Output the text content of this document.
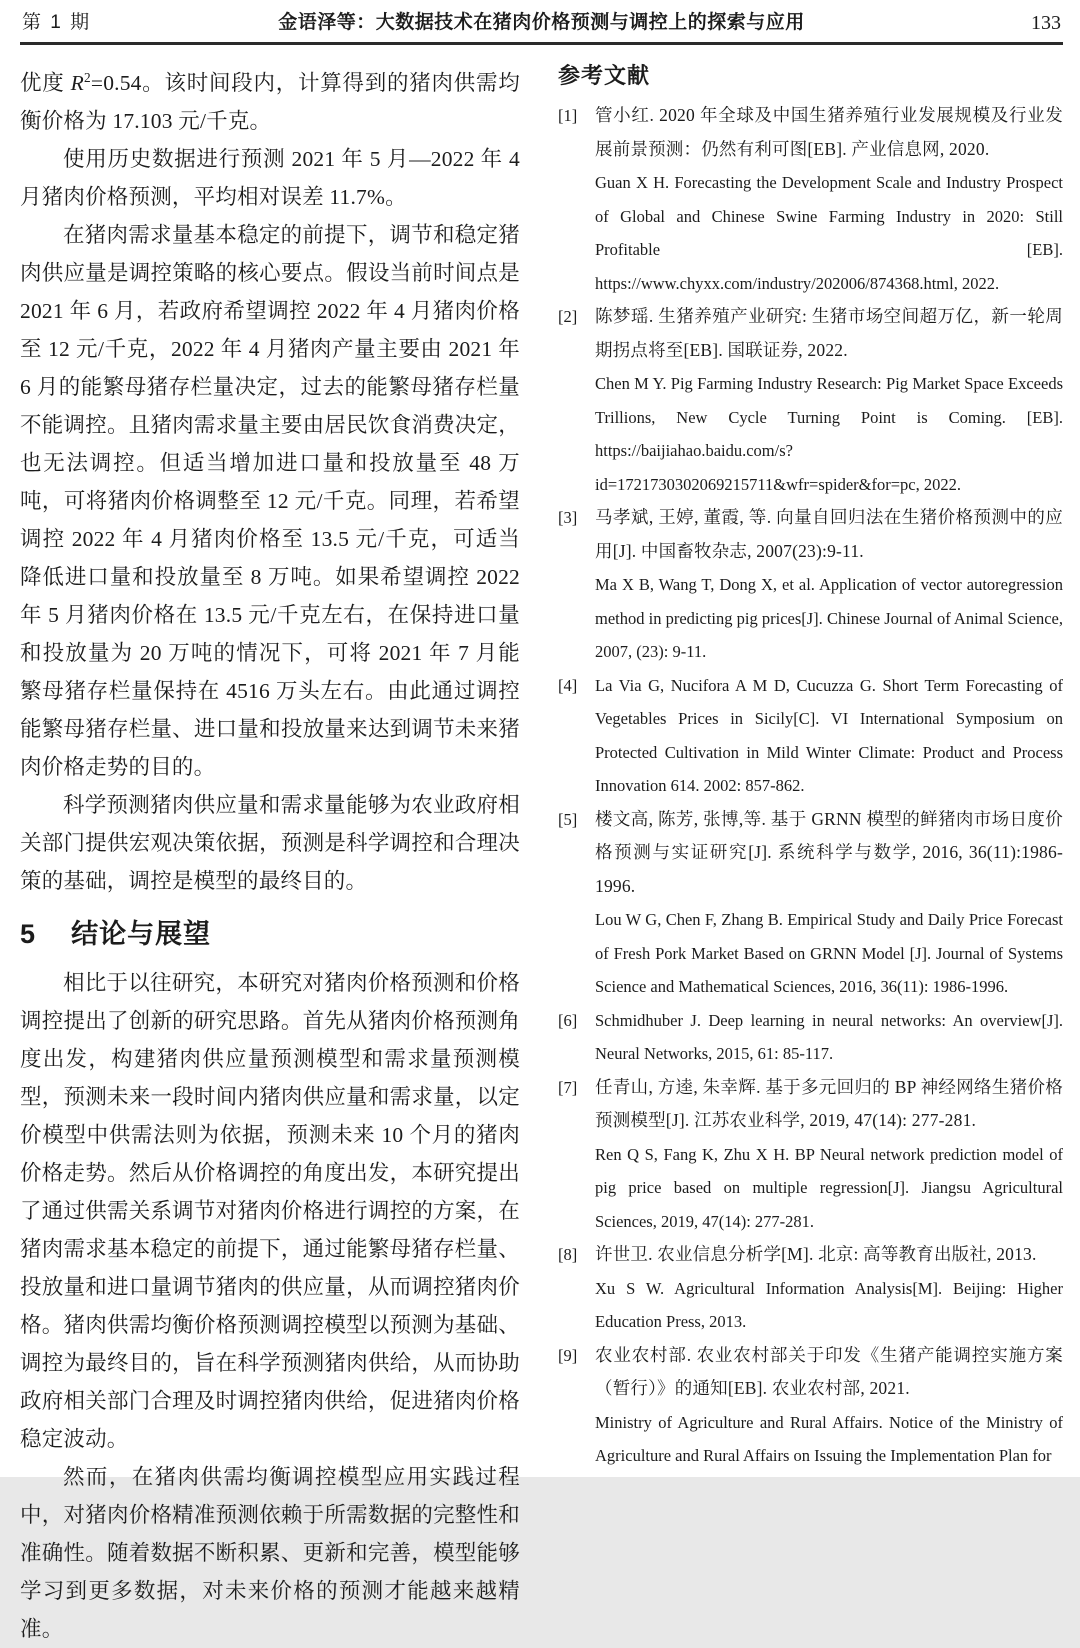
第 1 期	金语泽等：大数据技术在猪肉价格预测与调控上的探索与应用	133

优度 $R^2=0.54$。该时间段内，计算得到的猪肉供需均衡价格为 17.103 元/千克。

使用历史数据进行预测 2021 年 5 月—2022 年 4 月猪肉价格预测，平均相对误差 11.7%。

在猪肉需求量基本稳定的前提下，调节和稳定猪肉供应量是调控策略的核心要点。假设当前时间点是 2021 年 6 月，若政府希望调控 2022 年 4 月猪肉价格至 12 元/千克，2022 年 4 月猪肉产量主要由 2021 年 6 月的能繁母猪存栏量决定，过去的能繁母猪存栏量不能调控。且猪肉需求量主要由居民饮食消费决定，也无法调控。但适当增加进口量和投放量至 48 万吨，可将猪肉价格调整至 12 元/千克。同理，若希望调控 2022 年 4 月猪肉价格至 13.5 元/千克，可适当降低进口量和投放量至 8 万吨。如果希望调控 2022 年 5 月猪肉价格在 13.5 元/千克左右，在保持进口量和投放量为 20 万吨的情况下，可将 2021 年 7 月能繁母猪存栏量保持在 4516 万头左右。由此通过调控能繁母猪存栏量、进口量和投放量来达到调节未来猪肉价格走势的目的。

科学预测猪肉供应量和需求量能够为农业政府相关部门提供宏观决策依据，预测是科学调控和合理决策的基础，调控是模型的最终目的。

5 结论与展望

相比于以往研究，本研究对猪肉价格预测和价格调控提出了创新的研究思路。首先从猪肉价格预测角度出发，构建猪肉供应量预测模型和需求量预测模型，预测未来一段时间内猪肉供应量和需求量，以定价模型中供需法则为依据，预测未来 10 个月的猪肉价格走势。然后从价格调控的角度出发，本研究提出了通过供需关系调节对猪肉价格进行调控的方案，在猪肉需求基本稳定的前提下，通过能繁母猪存栏量、投放量和进口量调节猪肉的供应量，从而调控猪肉价格。猪肉供需均衡价格预测调控模型以预测为基础、调控为最终目的，旨在科学预测猪肉供给，从而协助政府相关部门合理及时调控猪肉供给，促进猪肉价格稳定波动。

然而，在猪肉供需均衡调控模型应用实践过程中，对猪肉价格精准预测依赖于所需数据的完整性和准确性。随着数据不断积累、更新和完善，模型能够学习到更多数据，对未来价格的预测才能越来越精准。

参考文献
[1]	管小红. 2020 年全球及中国生猪养殖行业发展规模及行业发展前景预测：仍然有利可图[EB]. 产业信息网, 2020.

Guan X H. Forecasting the Development Scale and Industry Prospect of Global and Chinese Swine Farming Industry in 2020: Still Profitable [EB]. https://www.chyxx.com/industry/202006/874368.html, 2022.

[2]	陈梦瑶. 生猪养殖产业研究: 生猪市场空间超万亿，新一轮周期拐点将至[EB]. 国联证券, 2022.

Chen M Y. Pig Farming Industry Research: Pig Market Space Exceeds Trillions, New Cycle Turning Point is Coming. [EB]. https://baijiahao.baidu.com/s?id=1721730302069215711&wfr=spider&for=pc, 2022.

[3]	马孝斌, 王婷, 董霞, 等. 向量自回归法在生猪价格预测中的应用[J]. 中国畜牧杂志, 2007(23):9-11.

Ma X B, Wang T, Dong X, et al. Application of vector autoregression method in predicting pig prices[J]. Chinese Journal of Animal Science, 2007, (23): 9-11.

[4]	La Via G, Nucifora A M D, Cucuzza G. Short Term Forecasting of Vegetables Prices in Sicily[C]. VI International Symposium on Protected Cultivation in Mild Winter Climate: Product and Process Innovation 614. 2002: 857-862.

[5]	楼文高, 陈芳, 张博,等. 基于 GRNN 模型的鲜猪肉市场日度价格预测与实证研究[J]. 系统科学与数学, 2016, 36(11):1986-1996.

Lou W G, Chen F, Zhang B. Empirical Study and Daily Price Forecast of Fresh Pork Market Based on GRNN Model [J]. Journal of Systems Science and Mathematical Sciences, 2016, 36(11): 1986-1996.

[6]	Schmidhuber J. Deep learning in neural networks: An overview[J]. Neural Networks, 2015, 61: 85-117.

[7]	任青山, 方逵, 朱幸辉. 基于多元回归的 BP 神经网络生猪价格预测模型[J]. 江苏农业科学, 2019, 47(14): 277-281.

Ren Q S, Fang K, Zhu X H. BP Neural network prediction model of pig price based on multiple regression[J]. Jiangsu Agricultural Sciences, 2019, 47(14): 277-281.

[8]	许世卫. 农业信息分析学[M]. 北京: 高等教育出版社, 2013.

Xu S W. Agricultural Information Analysis[M]. Beijing: Higher Education Press, 2013.

[9]	农业农村部. 农业农村部关于印发《生猪产能调控实施方案（暂行）》的通知[EB]. 农业农村部, 2021.

Ministry of Agriculture and Rural Affairs. Notice of the Ministry of Agriculture and Rural Affairs on Issuing the Implementation Plan for
